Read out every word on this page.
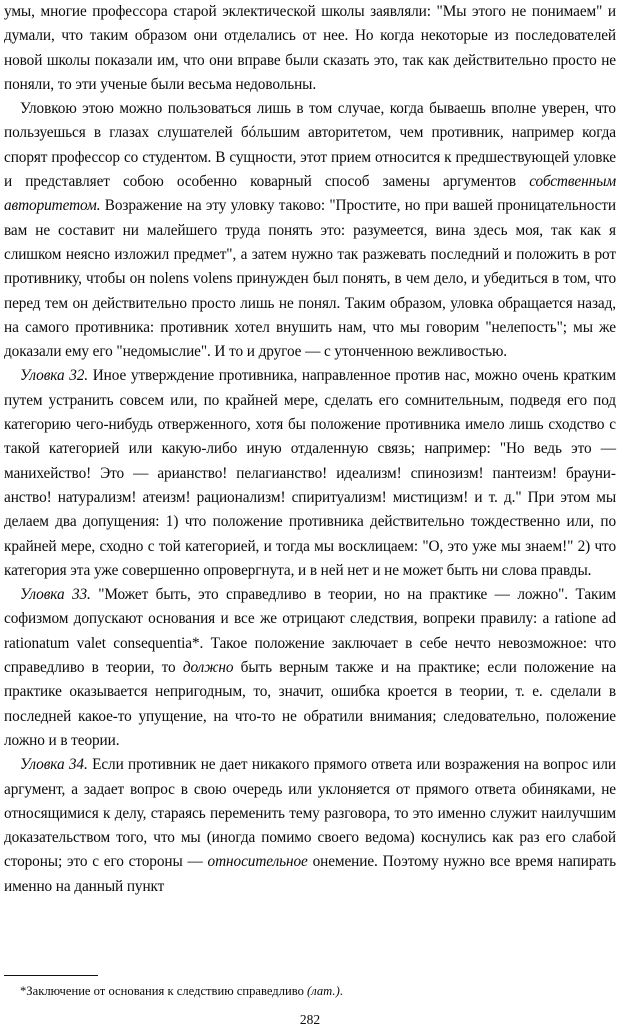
умы, многие профессора старой эклектической школы заявляли: "Мы этого не понимаем" и думали, что таким образом они отделались от нее. Но когда некоторые из последователей новой школы показали им, что они вправе были сказать это, так как действительно просто не поняли, то эти ученые были весьма недовольны.

Уловкою этою можно пользоваться лишь в том случае, когда бываешь вполне уверен, что пользуешься в глазах слушателей бóльшим авторитетом, чем противник, например когда спорят профессор со студентом. В сущности, этот прием относится к предшествующей уловке и представляет собою особенно коварный способ замены аргументов собственным авторитетом. Возражение на эту уловку таково: "Простите, но при вашей проницательности вам не составит ни малейшего труда понять это: разумеется, вина здесь моя, так как я слишком неясно изложил предмет", а затем нужно так разжевать последний и положить в рот противнику, чтобы он nolens volens принужден был понять, в чем дело, и убедиться в том, что перед тем он действительно просто лишь не понял. Таким образом, уловка обращается назад, на самого противника: противник хотел внушить нам, что мы говорим "нелепость"; мы же доказали ему его "недомыслие". И то и другое — с утонченною вежливостью.

Уловка 32. Иное утверждение противника, направленное против нас, можно очень кратким путем устранить совсем или, по крайней мере, сделать его сомнительным, подведя его под категорию чего-нибудь отверженного, хотя бы положение противника имело лишь сходство с такой категорией или какую-либо иную отдаленную связь; например: "Но ведь это — манихейство! Это — арианство! пелагианство! идеализм! спинозизм! пантеизм! браунианство! натурализм! атеизм! рационализм! спиритуализм! мистицизм! и т. д." При этом мы делаем два допущения: 1) что положение противника действительно тождественно или, по крайней мере, сходно с той категорией, и тогда мы восклицаем: "О, это уже мы знаем!" 2) что категория эта уже совершенно опровергнута, и в ней нет и не может быть ни слова правды.

Уловка 33. "Может быть, это справедливо в теории, но на практике — ложно". Таким софизмом допускают основания и все же отрицают следствия, вопреки правилу: a ratione ad rationatum valet consequentia*. Такое положение заключает в себе нечто невозможное: что справедливо в теории, то должно быть верным также и на практике; если положение на практике оказывается непригодным, то, значит, ошибка кроется в теории, т. е. сделали в последней какое-то упущение, на что-то не обратили внимания; следовательно, положение ложно и в теории.

Уловка 34. Если противник не дает никакого прямого ответа или возражения на вопрос или аргумент, а задает вопрос в свою очередь или уклоняется от прямого ответа обиняками, не относящимися к делу, стараясь переменить тему разговора, то это именно служит наилучшим доказательством того, что мы (иногда помимо своего ведома) коснулись как раз его слабой стороны; это с его стороны — относительное онемение. Поэтому нужно все время напирать именно на данный пункт

*Заключение от основания к следствию справедливо (лат.).
282
